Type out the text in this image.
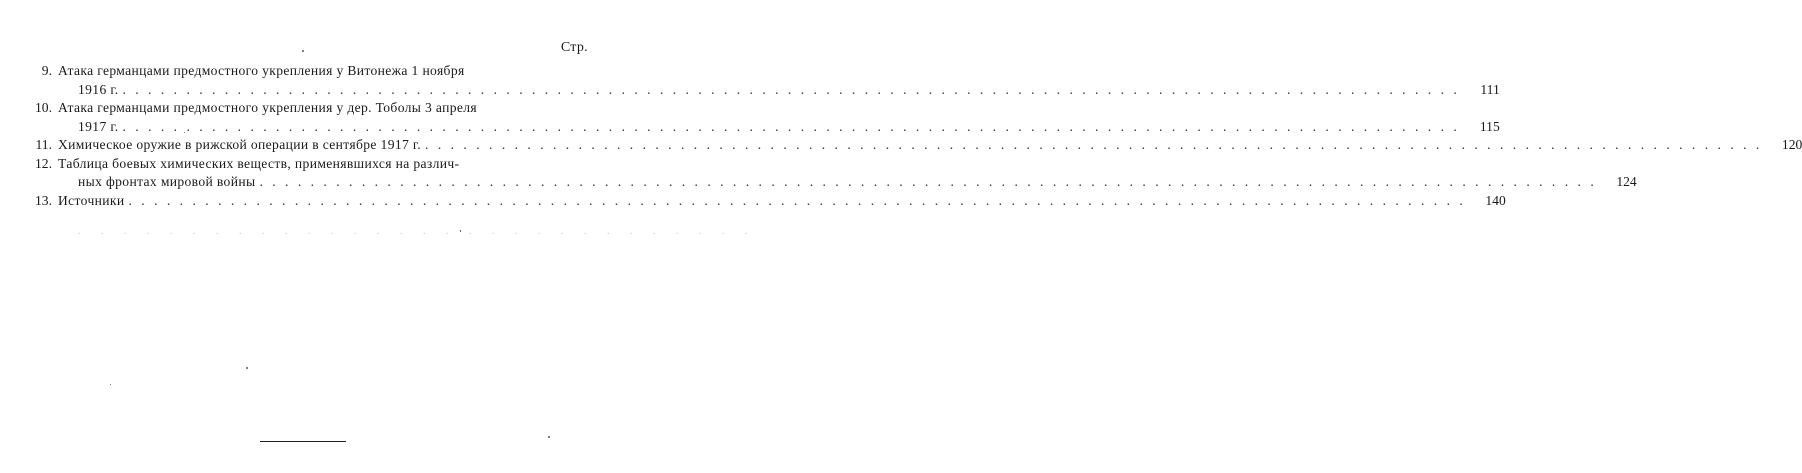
Стр.
9. Атака германцами предмостного укрепления у Витонежа 1 ноября
1916 г. . . .	111
10. Атака германцами предмостного укрепления у дер. Тоболы 3 апреля
1917 г. . . .	115
11. Химическое оружие в рижской операции в сентябре 1917 г. . . .	120
12. Таблица боевых химических веществ, применявшихся на различ-
ных фронтах мировой войны . . .	124
13. Источники . . .	140
. . .
